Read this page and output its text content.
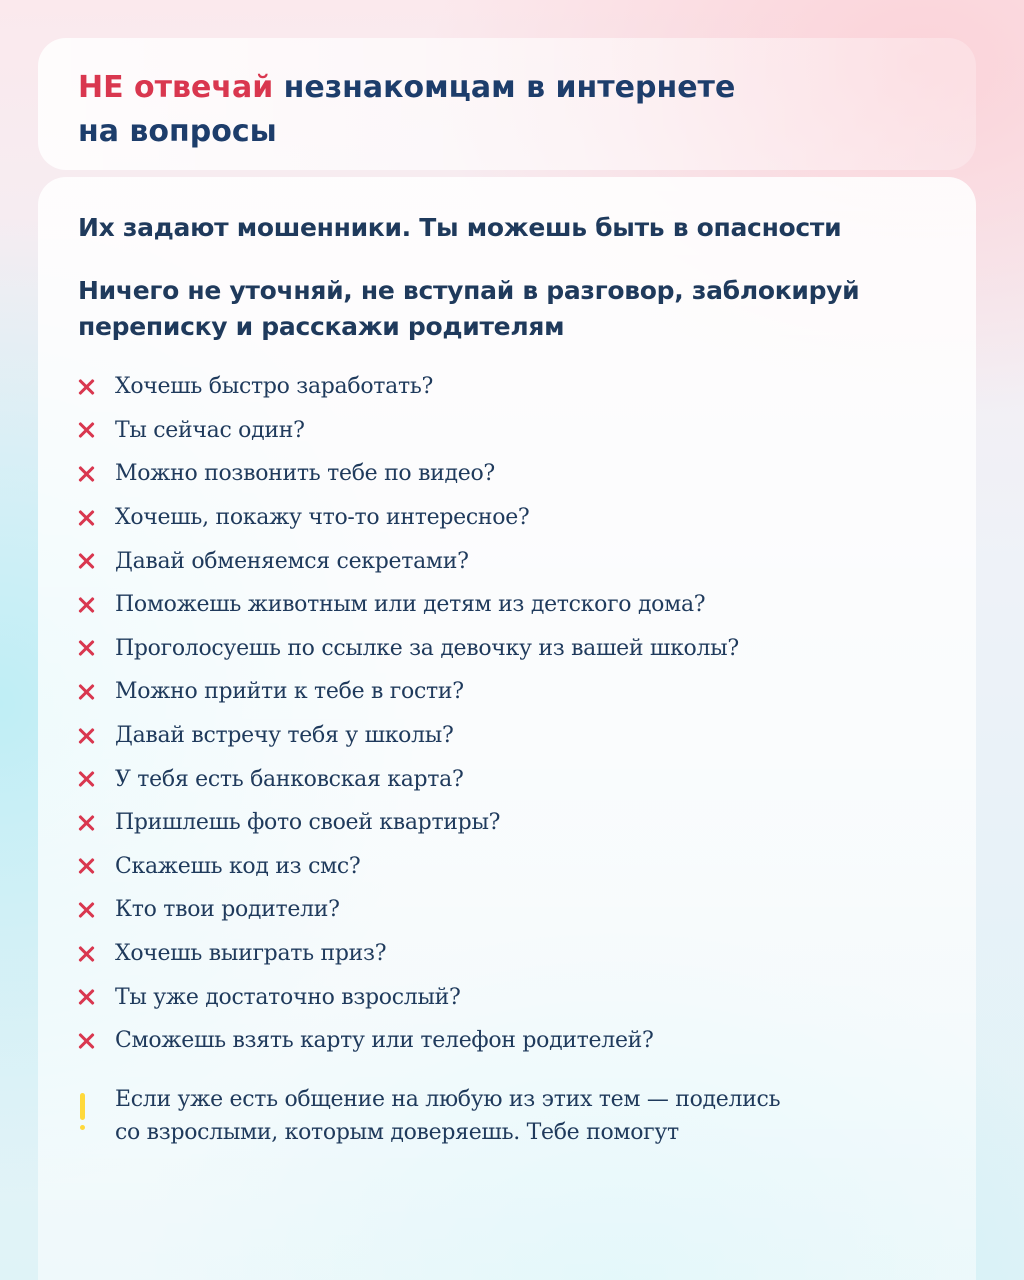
НЕ отвечай незнакомцам в интернете
на вопросы

Их задают мошенники. Ты можешь быть в опасности

Ничего не уточняй, не вступай в разговор, заблокируй переписку и расскажи родителям

Хочешь быстро заработать?
Ты сейчас один?
Можно позвонить тебе по видео?
Хочешь, покажу что-то интересное?
Давай обменяемся секретами?
Поможешь животным или детям из детского дома?
Проголосуешь по ссылке за девочку из вашей школы?
Можно прийти к тебе в гости?
Давай встречу тебя у школы?
У тебя есть банковская карта?
Пришлешь фото своей квартиры?
Скажешь код из смс?
Кто твои родители?
Хочешь выиграть приз?
Ты уже достаточно взрослый?
Сможешь взять карту или телефон родителей?

Если уже есть общение на любую из этих тем — поделись
со взрослыми, которым доверяешь. Тебе помогут
